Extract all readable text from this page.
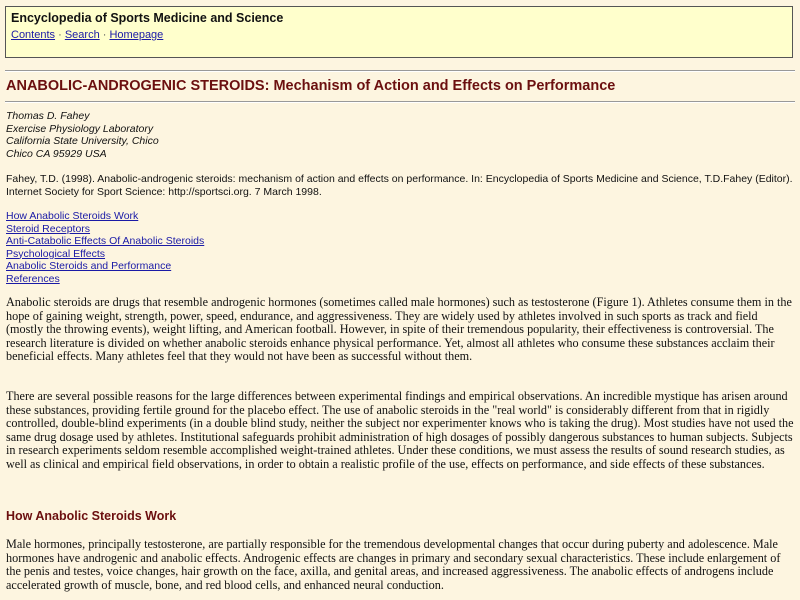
Encyclopedia of Sports Medicine and Science
Contents · Search · Homepage
ANABOLIC-ANDROGENIC STEROIDS: Mechanism of Action and Effects on Performance
Thomas D. Fahey
Exercise Physiology Laboratory
California State University, Chico
Chico CA 95929 USA
Fahey, T.D. (1998). Anabolic-androgenic steroids: mechanism of action and effects on performance. In: Encyclopedia of Sports Medicine and Science, T.D.Fahey (Editor).
Internet Society for Sport Science: http://sportsci.org. 7 March 1998.
How Anabolic Steroids Work
Steroid Receptors
Anti-Catabolic Effects Of Anabolic Steroids
Psychological Effects
Anabolic Steroids and Performance
References

Anabolic steroids are drugs that resemble androgenic hormones (sometimes called male hormones) such as testosterone (Figure 1). Athletes consume them in the hope of gaining weight, strength, power, speed, endurance, and aggressiveness. They are widely used by athletes involved in such sports as track and field (mostly the throwing events), weight lifting, and American football. However, in spite of their tremendous popularity, their effectiveness is controversial. The research literature is divided on whether anabolic steroids enhance physical performance. Yet, almost all athletes who consume these substances acclaim their beneficial effects. Many athletes feel that they would not have been as successful without them.

There are several possible reasons for the large differences between experimental findings and empirical observations. An incredible mystique has arisen around these substances, providing fertile ground for the placebo effect. The use of anabolic steroids in the "real world" is considerably different from that in rigidly controlled, double-blind experiments (in a double blind study, neither the subject nor experimenter knows who is taking the drug). Most studies have not used the same drug dosage used by athletes. Institutional safeguards prohibit administration of high dosages of possibly dangerous substances to human subjects. Subjects in research experiments seldom resemble accomplished weight-trained athletes. Under these conditions, we must assess the results of sound research studies, as well as clinical and empirical field observations, in order to obtain a realistic profile of the use, effects on performance, and side effects of these substances.

How Anabolic Steroids Work

Male hormones, principally testosterone, are partially responsible for the tremendous developmental changes that occur during puberty and adolescence. Male hormones have androgenic and anabolic effects. Androgenic effects are changes in primary and secondary sexual characteristics. These include enlargement of the penis and testes, voice changes, hair growth on the face, axilla, and genital areas, and increased aggressiveness. The anabolic effects of androgens include accelerated growth of muscle, bone, and red blood cells, and enhanced neural conduction.
